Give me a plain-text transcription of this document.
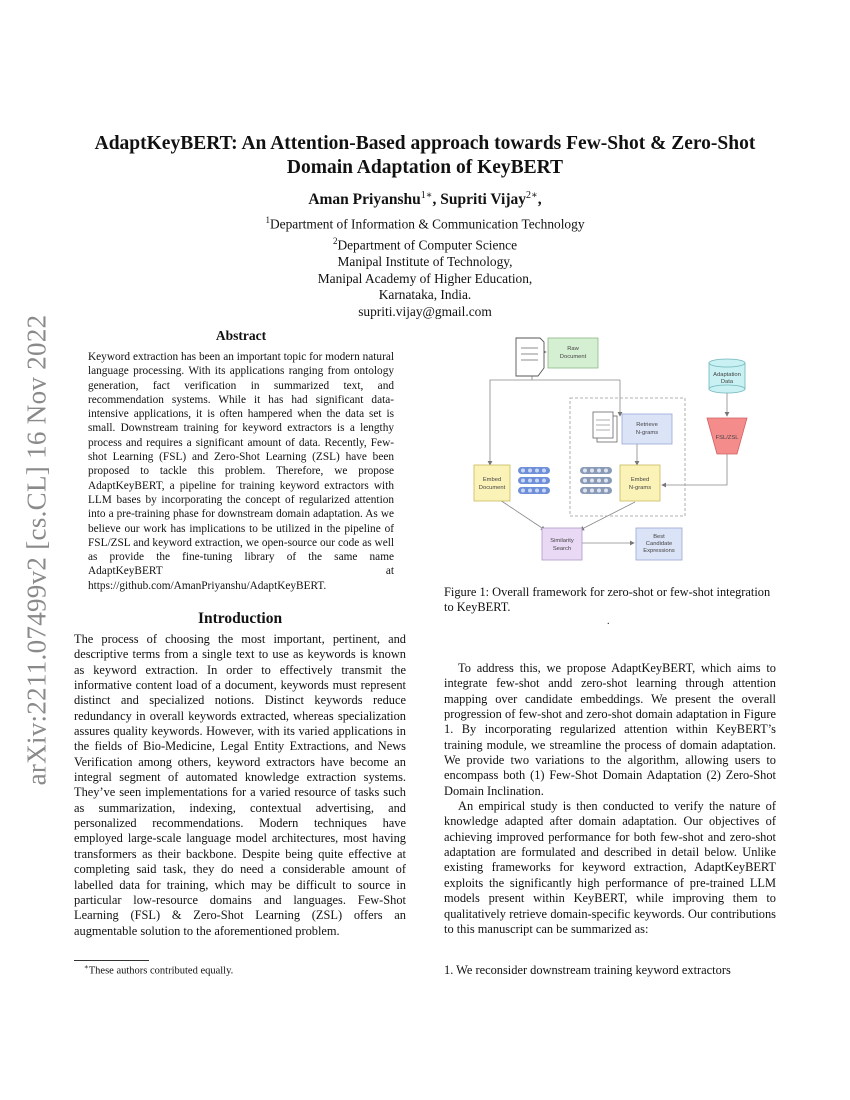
arXiv:2211.07499v2 [cs.CL] 16 Nov 2022
AdaptKeyBERT: An Attention-Based approach towards Few-Shot & Zero-Shot
Domain Adaptation of KeyBERT
Aman Priyanshu$^{1∗}$, Supriti Vijay$^{2∗}$,
$^1$Department of Information & Communication Technology
$^2$Department of Computer Science
Manipal Institute of Technology,
Manipal Academy of Higher Education,
Karnataka, India.
supriti.vijay@gmail.com
Abstract
Keyword extraction has been an important topic for modern natural language processing. With its applications ranging from ontology generation, fact verification in summarized text, and recommendation systems. While it has had significant data-intensive applications, it is often hampered when the data set is small. Downstream training for keyword extractors is a lengthy process and requires a significant amount of data. Recently, Few-shot Learning (FSL) and Zero-Shot Learning (ZSL) have been proposed to tackle this problem. Therefore, we propose AdaptKeyBERT, a pipeline for training keyword extractors with LLM bases by incorporating the concept of regularized attention into a pre-training phase for downstream domain adaptation. As we believe our work has implications to be utilized in the pipeline of FSL/ZSL and keyword extraction, we open-source our code as well as provide the fine-tuning library of the same name AdaptKeyBERT at https://github.com/AmanPriyanshu/AdaptKeyBERT.
Introduction

The process of choosing the most important, pertinent, and descriptive terms from a single text to use as keywords is known as keyword extraction. In order to effectively transmit the informative content load of a document, keywords must represent distinct and specialized notions. Distinct keywords reduce redundancy in overall keywords extracted, whereas specialization assures quality keywords. However, with its varied applications in the fields of Bio-Medicine, Legal Entity Extractions, and News Verification among others, keyword extractors have become an integral segment of automated knowledge extraction systems. They’ve seen implementations for a varied resource of tasks such as summarization, indexing, contextual advertising, and personalized recommendations. Modern techniques have employed large-scale language model architectures, most having transformers as their backbone. Despite being quite effective at completing said task, they do need a considerable amount of labelled data for training, which may be difficult to source in particular low-resource domains and languages. Few-Shot Learning (FSL) & Zero-Shot Learning (ZSL) offers an augmentable solution to the aforementioned problem.

∗These authors contributed equally.
Raw
Document
Adaptation
Data
FSL/ZSL
Retrieve
N-grams
Embed
Document
Embed
N-grams
Similarity
Search
Best
Candidate
Expressions
Figure 1: Overall framework for zero-shot or few-shot integration to KeyBERT.
.

To address this, we propose AdaptKeyBERT, which aims to integrate few-shot andd zero-shot learning through attention mapping over candidate embeddings. We present the overall progression of few-shot and zero-shot domain adaptation in Figure 1. By incorporating regularized attention within KeyBERT’s training module, we streamline the process of domain adaptation. We provide two variations to the algorithm, allowing users to encompass both (1) Few-Shot Domain Adaptation (2) Zero-Shot Domain Inclination.

An empirical study is then conducted to verify the nature of knowledge adapted after domain adaptation. Our objectives of achieving improved performance for both few-shot and zero-shot adaptation are formulated and described in detail below. Unlike existing frameworks for keyword extraction, AdaptKeyBERT exploits the significantly high performance of pre-trained LLM models present within KeyBERT, while improving them to qualitatively retrieve domain-specific keywords. Our contributions to this manuscript can be summarized as:

1. We reconsider downstream training keyword extractors
